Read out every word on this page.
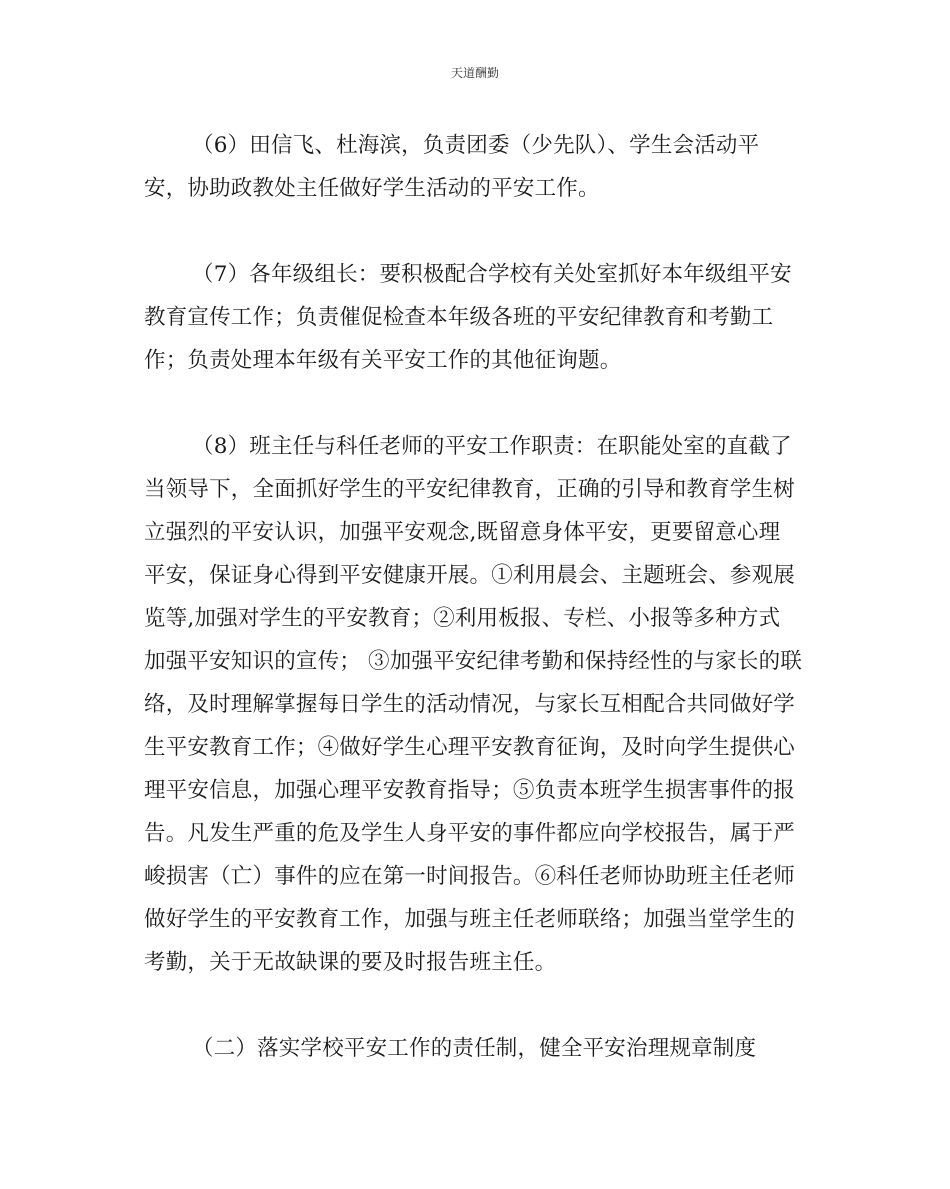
天道酬勤
（6）田信飞、杜海滨，负责团委（少先队）、学生会活动平
安，协助政教处主任做好学生活动的平安工作。
（7）各年级组长：要积极配合学校有关处室抓好本年级组平安
教育宣传工作；负责催促检查本年级各班的平安纪律教育和考勤工
作；负责处理本年级有关平安工作的其他征询题。
（8）班主任与科任老师的平安工作职责：在职能处室的直截了
当领导下，全面抓好学生的平安纪律教育，正确的引导和教育学生树
立强烈的平安认识，加强平安观念,既留意身体平安，更要留意心理
平安，保证身心得到平安健康开展。①利用晨会、主题班会、参观展
览等,加强对学生的平安教育；②利用板报、专栏、小报等多种方式
加强平安知识的宣传； ③加强平安纪律考勤和保持经性的与家长的联
络，及时理解掌握每日学生的活动情况，与家长互相配合共同做好学
生平安教育工作；④做好学生心理平安教育征询，及时向学生提供心
理平安信息，加强心理平安教育指导；⑤负责本班学生损害事件的报
告。凡发生严重的危及学生人身平安的事件都应向学校报告，属于严
峻损害（亡）事件的应在第一时间报告。⑥科任老师协助班主任老师
做好学生的平安教育工作，加强与班主任老师联络；加强当堂学生的
考勤，关于无故缺课的要及时报告班主任。
（二）落实学校平安工作的责任制，健全平安治理规章制度
